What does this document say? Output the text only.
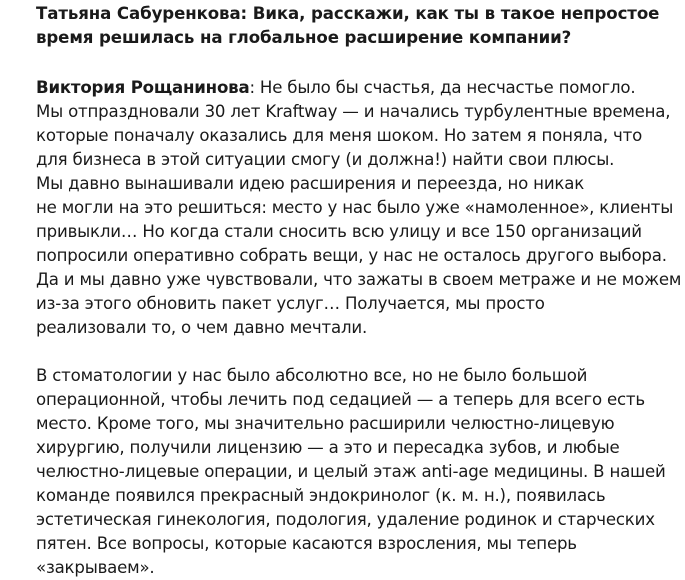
Татьяна Сабуренкова: Вика, расскажи, как ты в такое непростое
время решилась на глобальное расширение компании?
Виктория Рощанинова: Не было бы счастья, да несчастье помогло.
Мы отпраздновали 30 лет Kraftway — и начались турбулентные времена,
которые поначалу оказались для меня шоком. Но затем я поняла, что
для бизнеса в этой ситуации смогу (и должна!) найти свои плюсы.
Мы давно вынашивали идею расширения и переезда, но никак
не могли на это решиться: место у нас было уже «намоленное», клиенты
привыкли… Но когда стали сносить всю улицу и все 150 организаций
попросили оперативно собрать вещи, у нас не осталось другого выбора.
Да и мы давно уже чувствовали, что зажаты в своем метраже и не можем
из-за этого обновить пакет услуг… Получается, мы просто
реализовали то, о чем давно мечтали.
В стоматологии у нас было абсолютно все, но не было большой
операционной, чтобы лечить под седацией — а теперь для всего есть
место. Кроме того, мы значительно расширили челюстно-лицевую
хирургию, получили лицензию — а это и пересадка зубов, и любые
челюстно-лицевые операции, и целый этаж anti-age медицины. В нашей
команде появился прекрасный эндокринолог (к. м. н.), появилась
эстетическая гинекология, подология, удаление родинок и старческих
пятен. Все вопросы, которые касаются взросления, мы теперь
«закрываем».
